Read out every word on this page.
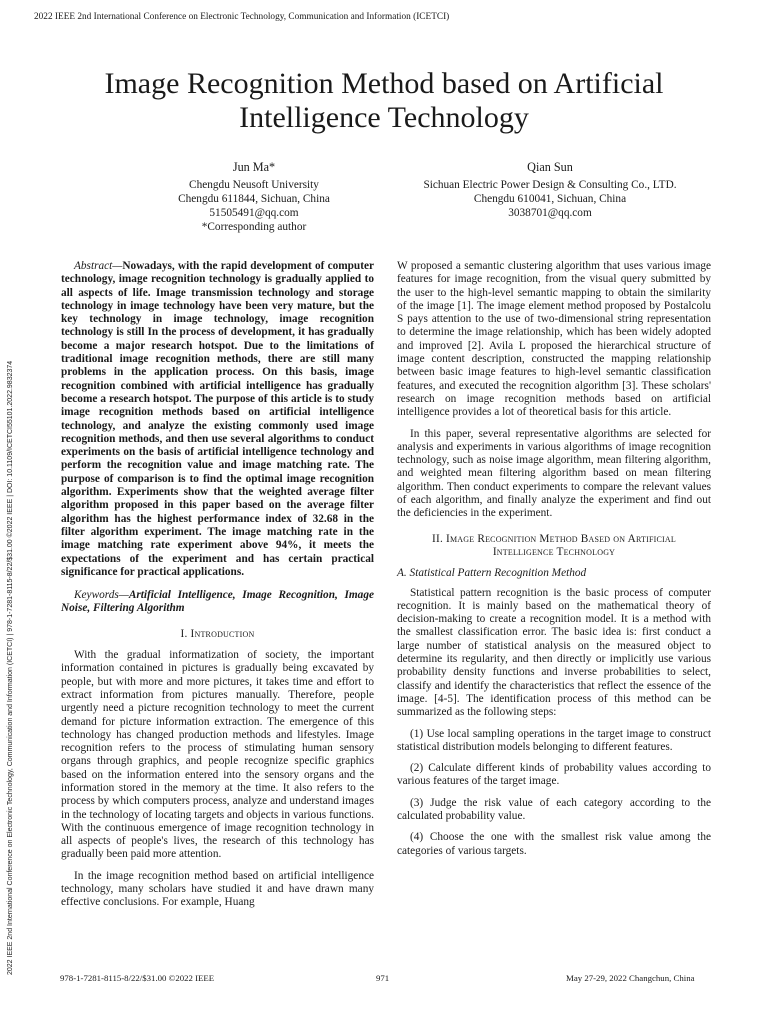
2022 IEEE 2nd International Conference on Electronic Technology, Communication and Information (ICETCI)
2022 IEEE 2nd International Conference on Electronic Technology, Communication and Information (ICETCI) | 978-1-7281-8115-8/22/$31.00 ©2022 IEEE | DOI: 10.1109/ICETCI55101.2022.9832374
Image Recognition Method based on Artificial
Intelligence Technology
Jun Ma*
Chengdu Neusoft University
Chengdu 611844, Sichuan, China
51505491@qq.com
*Corresponding author
Qian Sun
Sichuan Electric Power Design & Consulting Co., LTD.
Chengdu 610041, Sichuan, China
3038701@qq.com

Abstract—Nowadays, with the rapid development of computer technology, image recognition technology is gradually applied to all aspects of life. Image transmission technology and storage technology in image technology have been very mature, but the key technology in image technology, image recognition technology is still In the process of development, it has gradually become a major research hotspot. Due to the limitations of traditional image recognition methods, there are still many problems in the application process. On this basis, image recognition combined with artificial intelligence has gradually become a research hotspot. The purpose of this article is to study image recognition methods based on artificial intelligence technology, and analyze the existing commonly used image recognition methods, and then use several algorithms to conduct experiments on the basis of artificial intelligence technology and perform the recognition value and image matching rate. The purpose of comparison is to find the optimal image recognition algorithm. Experiments show that the weighted average filter algorithm proposed in this paper based on the average filter algorithm has the highest performance index of 32.68 in the filter algorithm experiment. The image matching rate in the image matching rate experiment above 94%, it meets the expectations of the experiment and has certain practical significance for practical applications.

Keywords—Artificial Intelligence, Image Recognition, Image Noise, Filtering Algorithm

I. Introduction

With the gradual informatization of society, the important information contained in pictures is gradually being excavated by people, but with more and more pictures, it takes time and effort to extract information from pictures manually. Therefore, people urgently need a picture recognition technology to meet the current demand for picture information extraction. The emergence of this technology has changed production methods and lifestyles. Image recognition refers to the process of stimulating human sensory organs through graphics, and people recognize specific graphics based on the information entered into the sensory organs and the information stored in the memory at the time. It also refers to the process by which computers process, analyze and understand images in the technology of locating targets and objects in various functions. With the continuous emergence of image recognition technology in all aspects of people's lives, the research of this technology has gradually been paid more attention.

In the image recognition method based on artificial intelligence technology, many scholars have studied it and have drawn many effective conclusions. For example, Huang

W proposed a semantic clustering algorithm that uses various image features for image recognition, from the visual query submitted by the user to the high-level semantic mapping to obtain the similarity of the image [1]. The image element method proposed by Postalcolu S pays attention to the use of two-dimensional string representation to determine the image relationship, which has been widely adopted and improved [2]. Avila L proposed the hierarchical structure of image content description, constructed the mapping relationship between basic image features to high-level semantic classification features, and executed the recognition algorithm [3]. These scholars' research on image recognition methods based on artificial intelligence provides a lot of theoretical basis for this article.

In this paper, several representative algorithms are selected for analysis and experiments in various algorithms of image recognition technology, such as noise image algorithm, mean filtering algorithm, and weighted mean filtering algorithm based on mean filtering algorithm. Then conduct experiments to compare the relevant values of each algorithm, and finally analyze the experiment and find out the deficiencies in the experiment.

II. Image Recognition Method Based on Artificial
Intelligence Technology
A. Statistical Pattern Recognition Method

Statistical pattern recognition is the basic process of computer recognition. It is mainly based on the mathematical theory of decision-making to create a recognition model. It is a method with the smallest classification error. The basic idea is: first conduct a large number of statistical analysis on the measured object to determine its regularity, and then directly or implicitly use various probability density functions and inverse probabilities to select, classify and identify the characteristics that reflect the essence of the image. [4-5]. The identification process of this method can be summarized as the following steps:

(1) Use local sampling operations in the target image to construct statistical distribution models belonging to different features.

(2) Calculate different kinds of probability values according to various features of the target image.

(3) Judge the risk value of each category according to the calculated probability value.

(4) Choose the one with the smallest risk value among the categories of various targets.

978-1-7281-8115-8/22/$31.00 ©2022 IEEE	971	May 27-29, 2022 Changchun, China
